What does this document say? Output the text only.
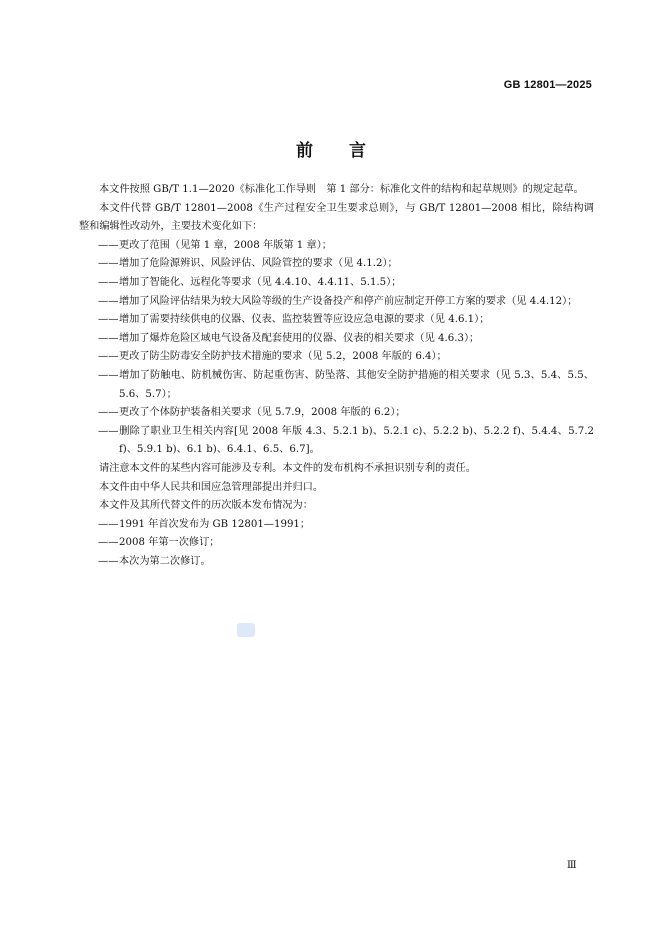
GB 12801—2025
前 言

本文件按照 GB/T 1.1—2020《标准化工作导则　第 1 部分：标准化文件的结构和起草规则》的规定起草。

本文件代替 GB/T 12801—2008《生产过程安全卫生要求总则》，与 GB/T 12801—2008 相比，除结构调整和编辑性改动外，主要技术变化如下：

——更改了范围（见第 1 章，2008 年版第 1 章）；

——增加了危险源辨识、风险评估、风险管控的要求（见 4.1.2）；

——增加了智能化、远程化等要求（见 4.4.10、4.4.11、5.1.5）；

——增加了风险评估结果为较大风险等级的生产设备投产和停产前应制定开停工方案的要求（见 4.4.12）；

——增加了需要持续供电的仪器、仪表、监控装置等应设应急电源的要求（见 4.6.1）；

——增加了爆炸危险区域电气设备及配套使用的仪器、仪表的相关要求（见 4.6.3）；

——更改了防尘防毒安全防护技术措施的要求（见 5.2，2008 年版的 6.4）；

——增加了防触电、防机械伤害、防起重伤害、防坠落、其他安全防护措施的相关要求（见 5.3、5.4、5.5、5.6、5.7）；

——更改了个体防护装备相关要求（见 5.7.9，2008 年版的 6.2）；

——删除了职业卫生相关内容[见 2008 年版 4.3、5.2.1 b)、5.2.1 c)、5.2.2 b)、5.2.2 f)、5.4.4、5.7.2 f)、5.9.1 b)、6.1 b)、6.4.1、6.5、6.7]。

请注意本文件的某些内容可能涉及专利。本文件的发布机构不承担识别专利的责任。

本文件由中华人民共和国应急管理部提出并归口。

本文件及其所代替文件的历次版本发布情况为：

——1991 年首次发布为 GB 12801—1991；

——2008 年第一次修订；

——本次为第二次修订。

Ⅲ
